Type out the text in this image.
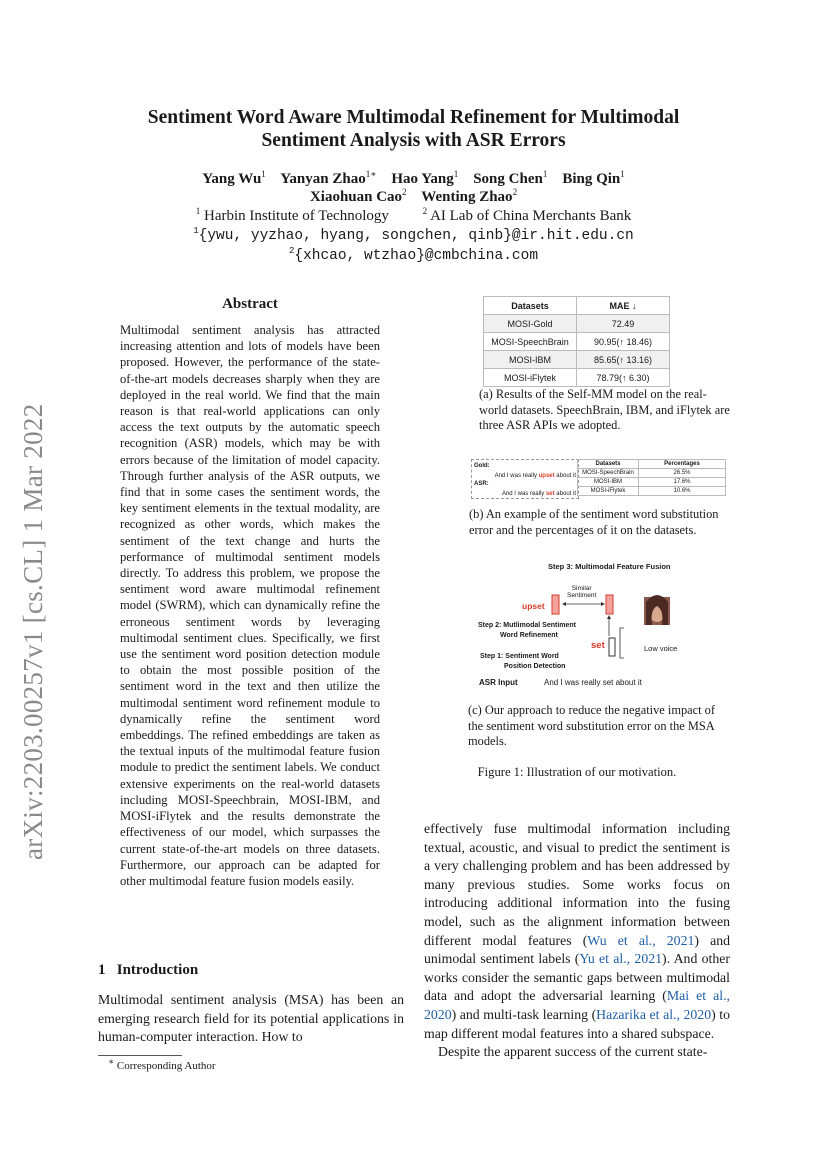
arXiv:2203.00257v1 [cs.CL] 1 Mar 2022
Sentiment Word Aware Multimodal Refinement for Multimodal
Sentiment Analysis with ASR Errors
Yang Wu$^1$ Yanyan Zhao$^{1∗}$ Hao Yang$^1$ Song Chen$^1$ Bing Qin$^1$
Xiaohuan Cao$^2$ Wenting Zhao$^2$
$^1$ Harbin Institute of Technology	$^2$ AI Lab of China Merchants Bank
$^1${ywu, yyzhao, hyang, songchen, qinb}@ir.hit.edu.cn
$^2${xhcao, wtzhao}@cmbchina.com
Abstract
Multimodal sentiment analysis has attracted increasing attention and lots of models have been proposed. However, the performance of the state-of-the-art models decreases sharply when they are deployed in the real world. We find that the main reason is that real-world applications can only access the text outputs by the automatic speech recognition (ASR) models, which may be with errors because of the limitation of model capacity. Through further analysis of the ASR outputs, we find that in some cases the sentiment words, the key sentiment elements in the textual modality, are recognized as other words, which makes the sentiment of the text change and hurts the performance of multimodal sentiment models directly. To address this problem, we propose the sentiment word aware multimodal refinement model (SWRM), which can dynamically refine the erroneous sentiment words by leveraging multimodal sentiment clues. Specifically, we first use the sentiment word position detection module to obtain the most possible position of the sentiment word in the text and then utilize the multimodal sentiment word refinement module to dynamically refine the sentiment word embeddings. The refined embeddings are taken as the textual inputs of the multimodal feature fusion module to predict the sentiment labels. We conduct extensive experiments on the real-world datasets including MOSI-Speechbrain, MOSI-IBM, and MOSI-iFlytek and the results demonstrate the effectiveness of our model, which surpasses the current state-of-the-art models on three datasets. Furthermore, our approach can be adapted for other multimodal feature fusion models easily.
1 Introduction
Multimodal sentiment analysis (MSA) has been an emerging research field for its potential applications in human-computer interaction. How to
∗ Corresponding Author
Datasets	MAE ↓
MOSI-Gold	72.49
MOSI-SpeechBrain	90.95(↑ 18.46)
MOSI-IBM	85.65(↑ 13.16)
MOSI-iFlytek	78.79(↑ 6.30)
(a) Results of the Self-MM model on the real-world datasets. SpeechBrain, IBM, and iFlytek are three ASR APIs we adopted.
Gold:
And I was really upset about it
ASR:
And I was really set about it
Datasets	Percentages
MOSI-SpeechBrain	26.5%
MOSI-IBM	17.6%
MOSI-iFlytek	10.6%
(b) An example of the sentiment word substitution error and the percentages of it on the datasets.
Step 3: Multimodal Feature Fusion
Similar
Sentiment
upset
Step 2: Mutlimodal Sentiment
Word Refinement
set	Low voice
Step 1: Sentiment Word
Position Detection
ASR Input	And I was really set about it
(c) Our approach to reduce the negative impact of the sentiment word substitution error on the MSA models.
Figure 1: Illustration of our motivation.
effectively fuse multimodal information including textual, acoustic, and visual to predict the sentiment is a very challenging problem and has been addressed by many previous studies. Some works focus on introducing additional information into the fusing model, such as the alignment information between different modal features (Wu et al., 2021) and unimodal sentiment labels (Yu et al., 2021). And other works consider the semantic gaps between multimodal data and adopt the adversarial learning (Mai et al., 2020) and multi-task learning (Hazarika et al., 2020) to map different modal features into a shared subspace.
Despite the apparent success of the current state-
